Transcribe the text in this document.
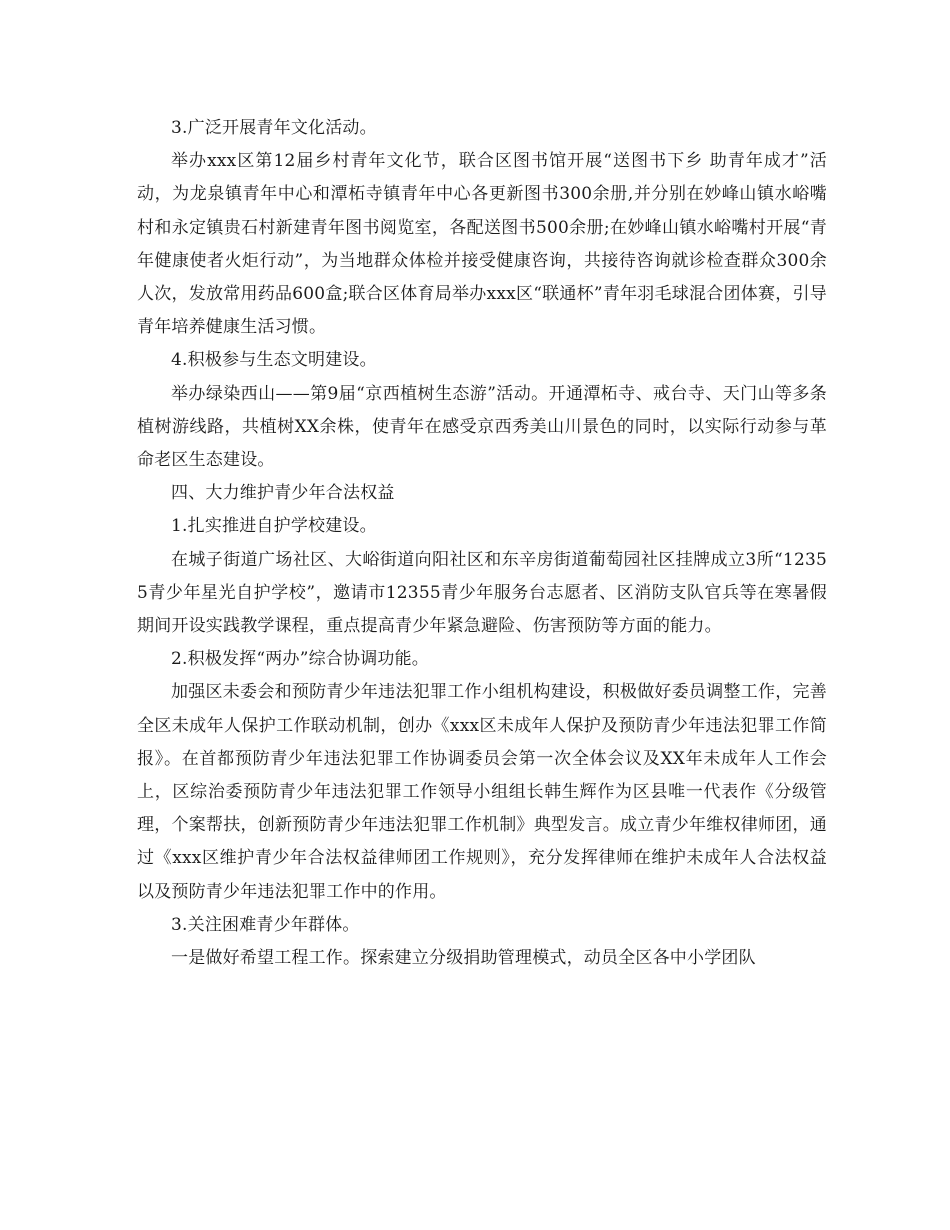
3.广泛开展青年文化活动。

举办xxx区第12届乡村青年文化节，联合区图书馆开展“送图书下乡 助青年成才”活动，为龙泉镇青年中心和潭柘寺镇青年中心各更新图书300余册,并分别在妙峰山镇水峪嘴村和永定镇贵石村新建青年图书阅览室，各配送图书500余册;在妙峰山镇水峪嘴村开展“青年健康使者火炬行动”，为当地群众体检并接受健康咨询，共接待咨询就诊检查群众300余人次，发放常用药品600盒;联合区体育局举办xxx区“联通杯”青年羽毛球混合团体赛，引导青年培养健康生活习惯。

4.积极参与生态文明建设。

举办绿染西山——第9届“京西植树生态游”活动。开通潭柘寺、戒台寺、天门山等多条植树游线路，共植树XX余株，使青年在感受京西秀美山川景色的同时，以实际行动参与革命老区生态建设。

四、大力维护青少年合法权益

1.扎实推进自护学校建设。

在城子街道广场社区、大峪街道向阳社区和东辛房街道葡萄园社区挂牌成立3所“12355青少年星光自护学校”，邀请市12355青少年服务台志愿者、区消防支队官兵等在寒暑假期间开设实践教学课程，重点提高青少年紧急避险、伤害预防等方面的能力。

2.积极发挥“两办”综合协调功能。

加强区未委会和预防青少年违法犯罪工作小组机构建设，积极做好委员调整工作，完善全区未成年人保护工作联动机制，创办《xxx区未成年人保护及预防青少年违法犯罪工作简报》。在首都预防青少年违法犯罪工作协调委员会第一次全体会议及XX年未成年人工作会上，区综治委预防青少年违法犯罪工作领导小组组长韩生辉作为区县唯一代表作《分级管理，个案帮扶，创新预防青少年违法犯罪工作机制》典型发言。成立青少年维权律师团，通过《xxx区维护青少年合法权益律师团工作规则》，充分发挥律师在维护未成年人合法权益以及预防青少年违法犯罪工作中的作用。

3.关注困难青少年群体。

一是做好希望工程工作。探索建立分级捐助管理模式，动员全区各中小学团队
